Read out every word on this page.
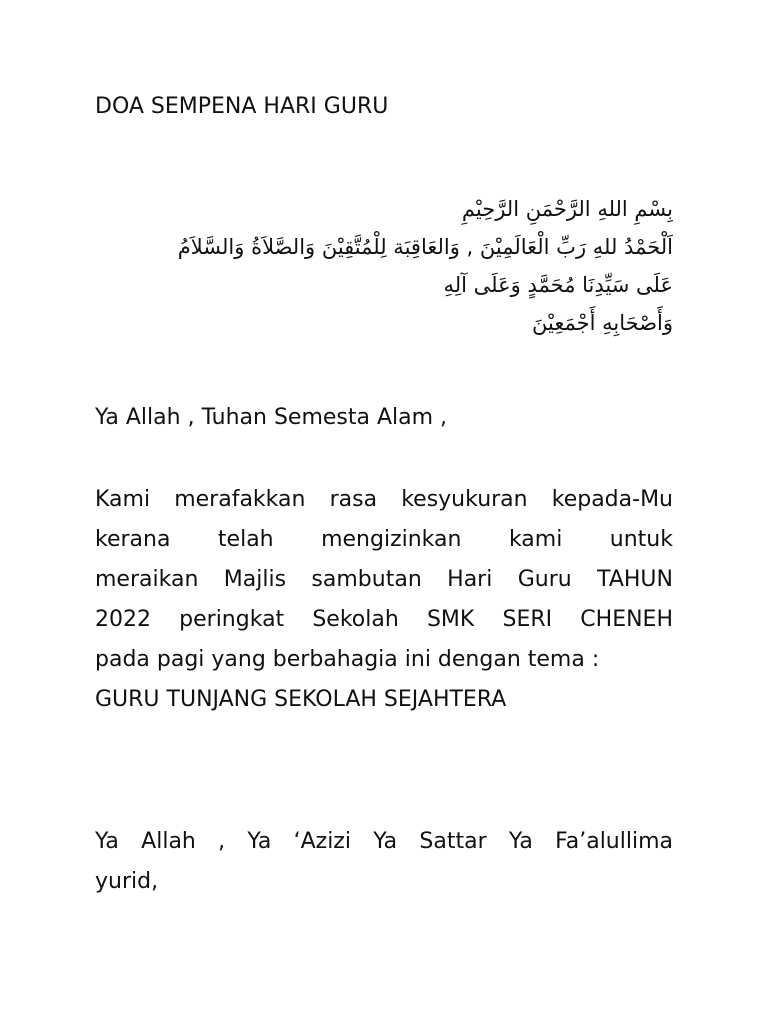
DOA SEMPENA HARI GURU
بِسْمِ اللهِ الرَّحْمَنِ الرَّحِيْمِ
اَلْحَمْدُ للهِ رَبِّ الْعَالَمِيْنَ , وَالعَاقِبَة لِلْمُتَّقِيْنَ وَالصَّلاَةُ وَالسَّلاَمُ
عَلَى سَيِّدِنَا مُحَمَّدٍ وَعَلَى آلِهِ
وَأَصْحَابِهِ أَجْمَعِيْنَ
Ya Allah , Tuhan Semesta Alam ,
Kami merafakkan rasa kesyukuran kepada-Mu
kerana telah mengizinkan kami untuk
meraikan Majlis sambutan Hari Guru TAHUN
2022 peringkat Sekolah SMK SERI CHENEH
pada pagi yang berbahagia ini dengan tema :
GURU TUNJANG SEKOLAH SEJAHTERA
Ya Allah , Ya ‘Azizi Ya Sattar Ya Fa’alullima
yurid,
